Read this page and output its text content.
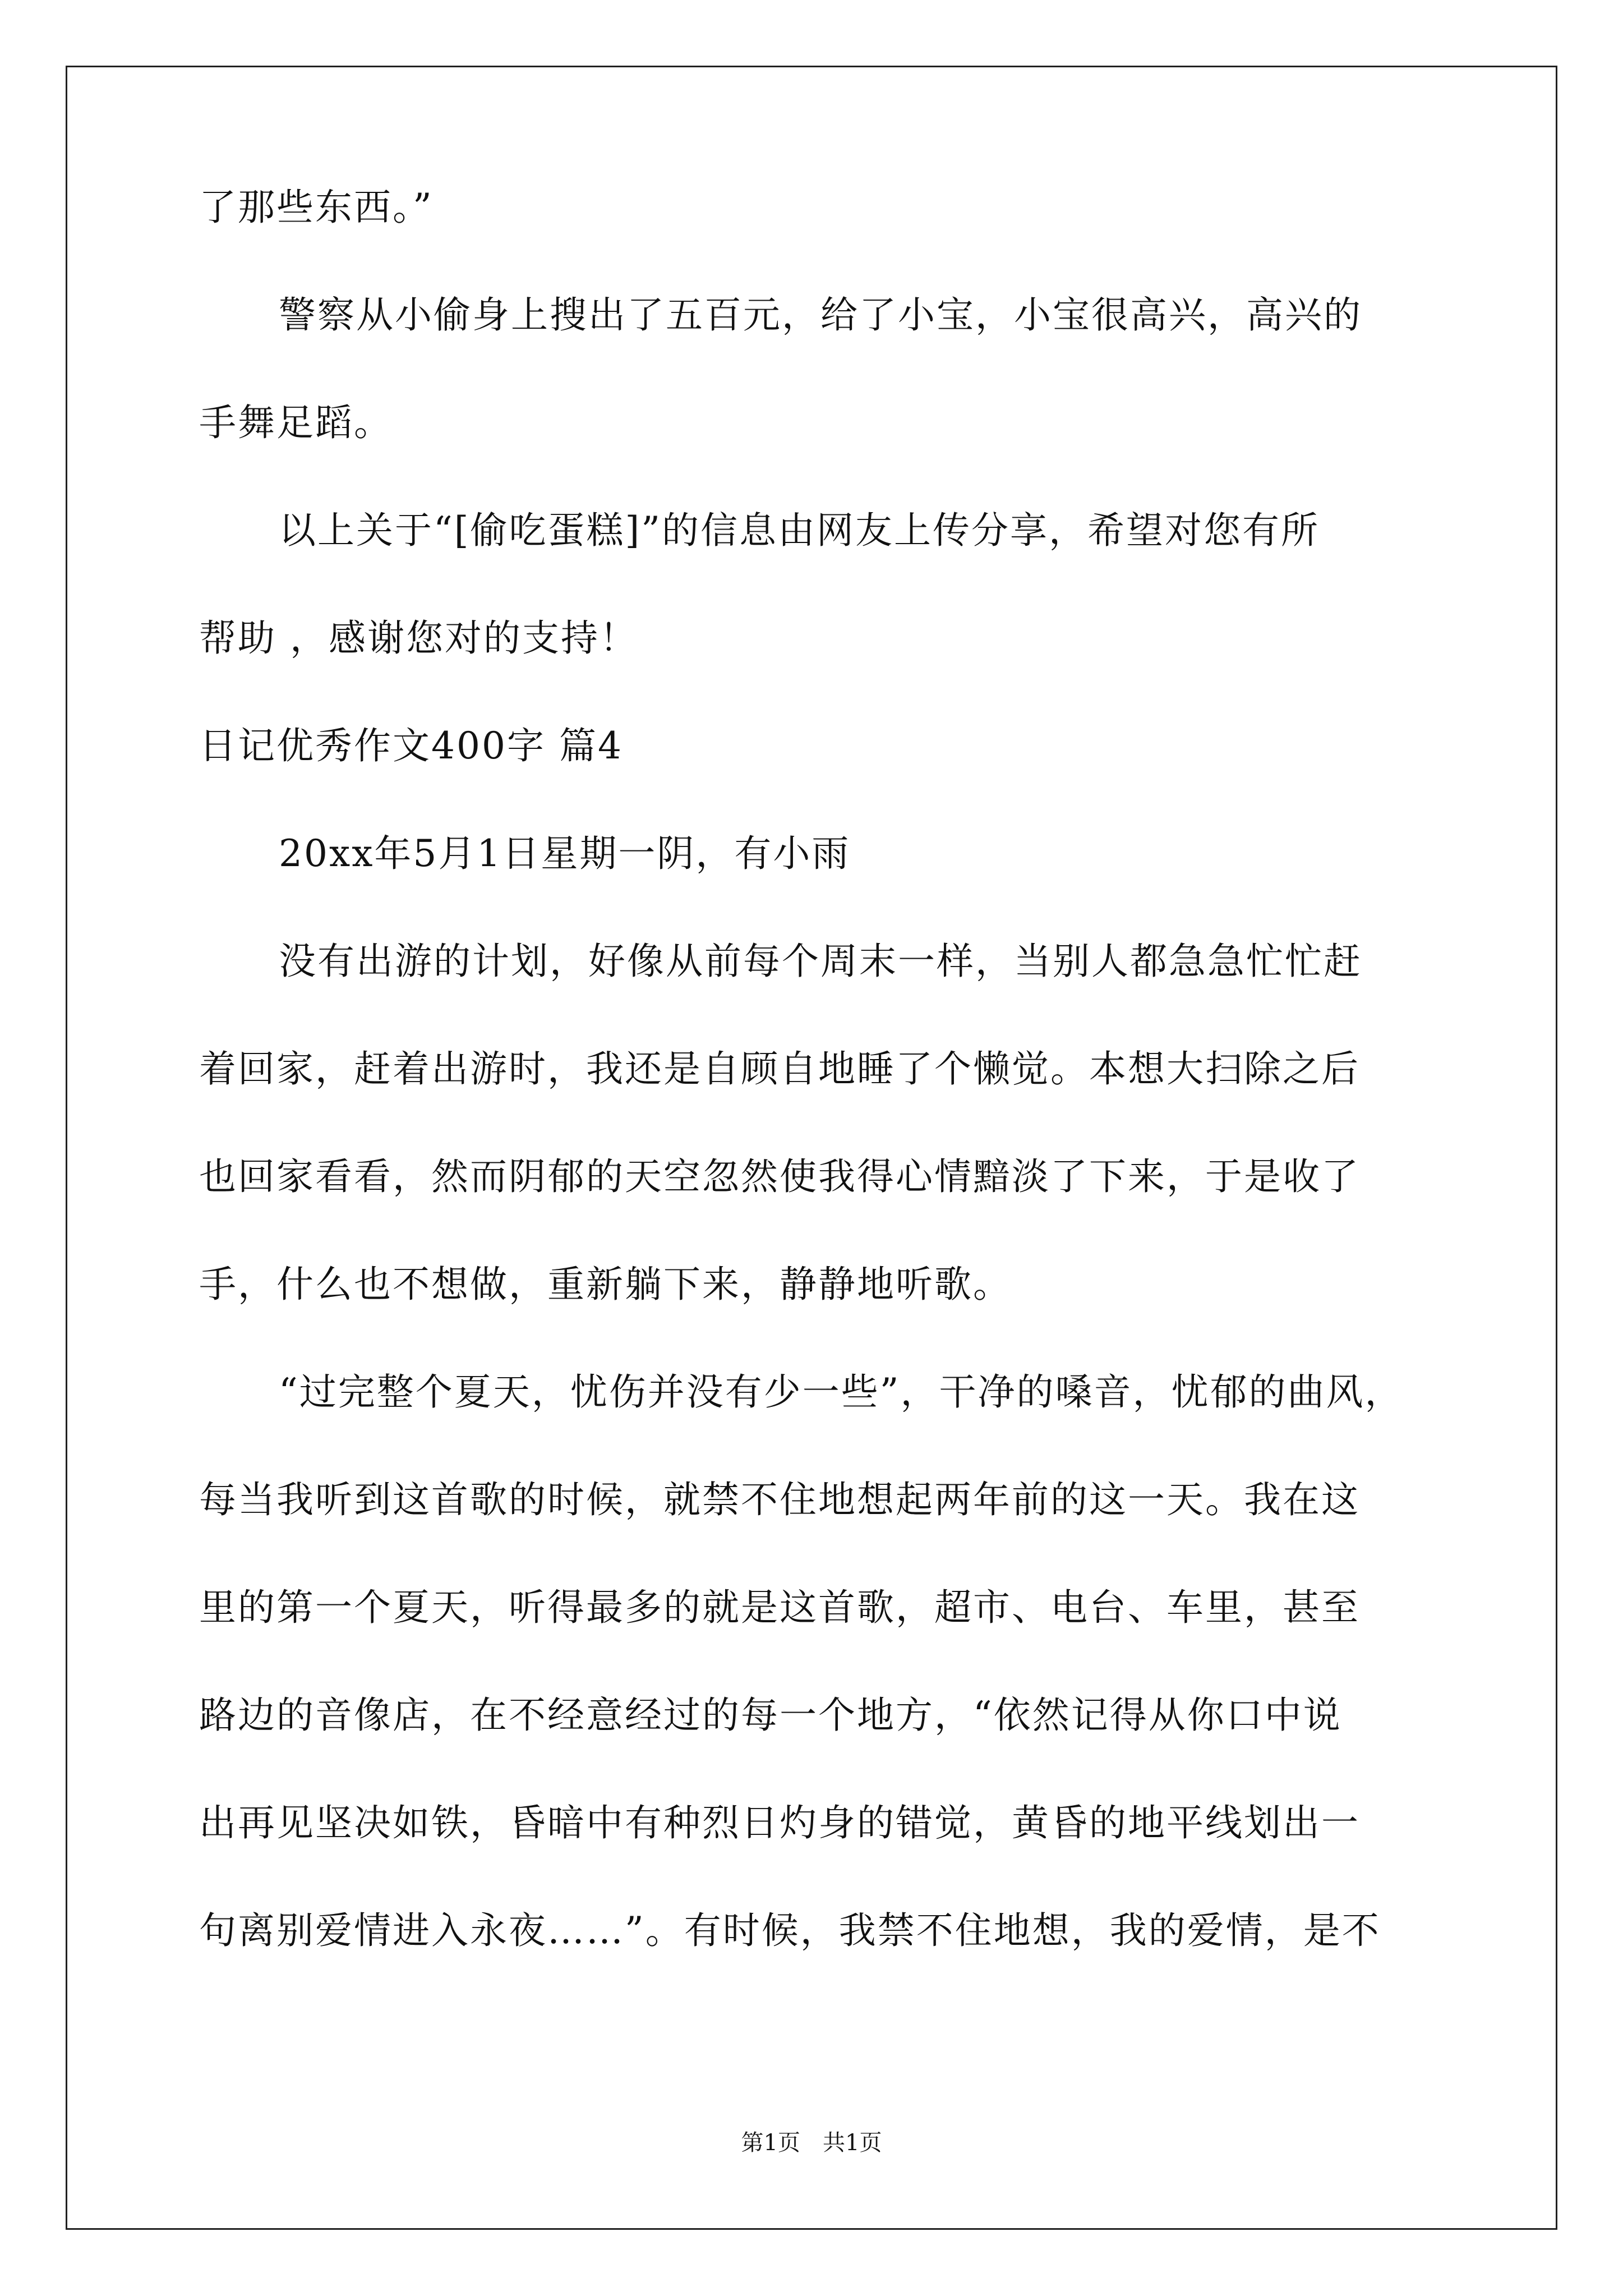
了那些东西。”
警察从小偷身上搜出了五百元，给了小宝，小宝很高兴，高兴的
手舞足蹈。
以上关于“[偷吃蛋糕]”的信息由网友上传分享，希望对您有所
帮助 ，感谢您对的支持！
日记优秀作文400字 篇4
20xx年5月1日星期一阴，有小雨
没有出游的计划，好像从前每个周末一样，当别人都急急忙忙赶
着回家，赶着出游时，我还是自顾自地睡了个懒觉。本想大扫除之后
也回家看看，然而阴郁的天空忽然使我得心情黯淡了下来，于是收了
手，什么也不想做，重新躺下来，静静地听歌。
“过完整个夏天，忧伤并没有少一些”，干净的嗓音，忧郁的曲风，
每当我听到这首歌的时候，就禁不住地想起两年前的这一天。我在这
里的第一个夏天，听得最多的就是这首歌，超市、电台、车里，甚至
路边的音像店，在不经意经过的每一个地方，“依然记得从你口中说
出再见坚决如铁，昏暗中有种烈日灼身的错觉，黄昏的地平线划出一
句离别爱情进入永夜……”。有时候，我禁不住地想，我的爱情，是不
第1页　共1页
